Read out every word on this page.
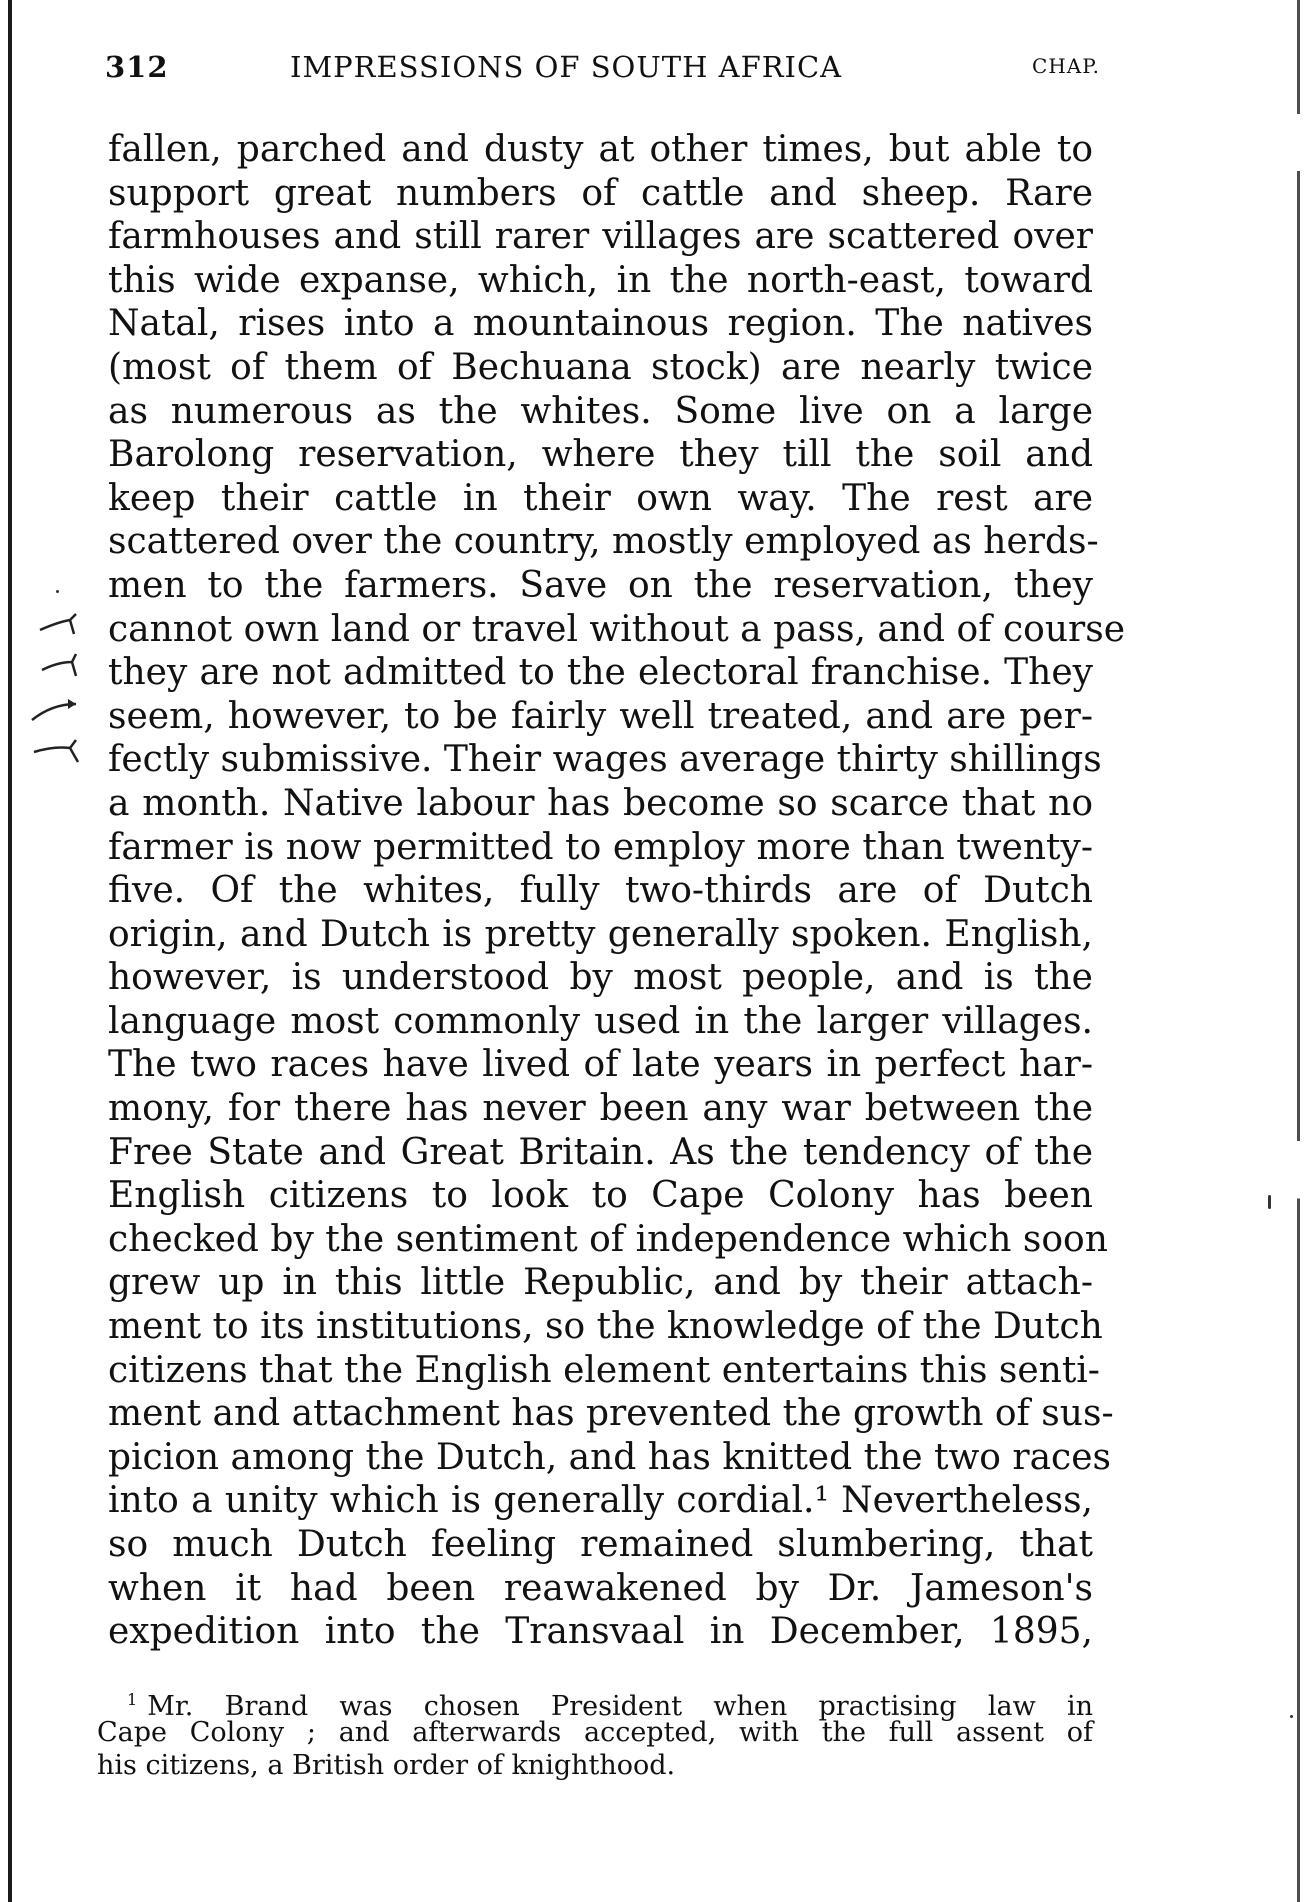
312	IMPRESSIONS OF SOUTH AFRICA	CHAP.
fallen, parched and dusty at other times, but able to
support great numbers of cattle and sheep. Rare
farmhouses and still rarer villages are scattered over
this wide expanse, which, in the north-east, toward
Natal, rises into a mountainous region. The natives
(most of them of Bechuana stock) are nearly twice
as numerous as the whites. Some live on a large
Barolong reservation, where they till the soil and
keep their cattle in their own way. The rest are
scattered over the country, mostly employed as herds-
men to the farmers. Save on the reservation, they
cannot own land or travel without a pass, and of course
they are not admitted to the electoral franchise. They
seem, however, to be fairly well treated, and are per-
fectly submissive. Their wages average thirty shillings
a month. Native labour has become so scarce that no
farmer is now permitted to employ more than twenty-
five. Of the whites, fully two-thirds are of Dutch
origin, and Dutch is pretty generally spoken. English,
however, is understood by most people, and is the
language most commonly used in the larger villages.
The two races have lived of late years in perfect har-
mony, for there has never been any war between the
Free State and Great Britain. As the tendency of the
English citizens to look to Cape Colony has been
checked by the sentiment of independence which soon
grew up in this little Republic, and by their attach-
ment to its institutions, so the knowledge of the Dutch
citizens that the English element entertains this senti-
ment and attachment has prevented the growth of sus-
picion among the Dutch, and has knitted the two races
into a unity which is generally cordial.¹ Nevertheless,
so much Dutch feeling remained slumbering, that
when it had been reawakened by Dr. Jameson's
expedition into the Transvaal in December, 1895,
$^1$ Mr. Brand was chosen President when practising law in
Cape Colony ; and afterwards accepted, with the full assent of
his citizens, a British order of knighthood.
